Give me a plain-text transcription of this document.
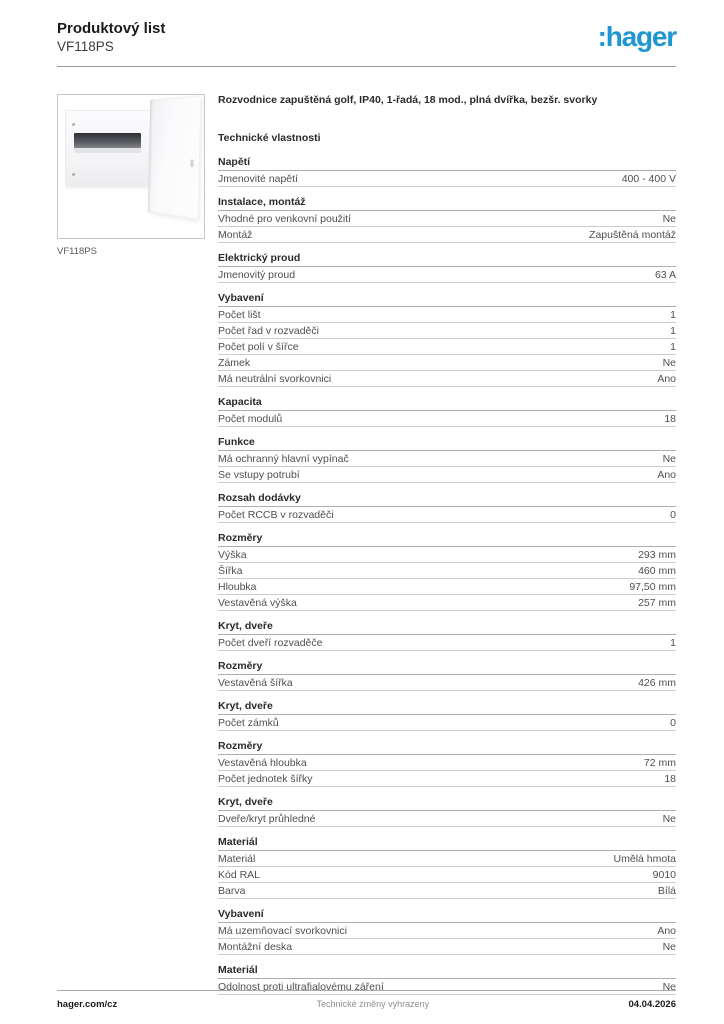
Produktový list
VF118PS	:hager
VF118PS
Rozvodnice zapuštěná golf, IP40, 1-řadá, 18 mod., plná dvířka, bezšr. svorky
Technické vlastnosti
Napětí
Jmenovité napětí	400 - 400 V
Instalace, montáž
Vhodné pro venkovní použití	Ne
Montáž	Zapuštěná montáž
Elektrický proud
Jmenovitý proud	63 A
Vybavení
Počet lišt	1
Počet řad v rozvaděči	1
Počet polí v šířce	1
Zámek	Ne
Má neutrální svorkovnici	Ano
Kapacita
Počet modulů	18
Funkce
Má ochranný hlavní vypínač	Ne
Se vstupy potrubí	Ano
Rozsah dodávky
Počet RCCB v rozvaděči	0
Rozměry
Výška	293 mm
Šířka	460 mm
Hloubka	97,50 mm
Vestavěná výška	257 mm
Kryt, dveře
Počet dveří rozvaděče	1
Rozměry
Vestavěná šířka	426 mm
Kryt, dveře
Počet zámků	0
Rozměry
Vestavěná hloubka	72 mm
Počet jednotek šířky	18
Kryt, dveře
Dveře/kryt průhledné	Ne
Materiál
Materiál	Umělá hmota
Kód RAL	9010
Barva	Bílá
Vybavení
Má uzemňovací svorkovnici	Ano
Montážní deska	Ne
Materiál
Odolnost proti ultrafialovému záření	Ne
hager.com/cz	Technické změny vyhrazeny	04.04.2026
